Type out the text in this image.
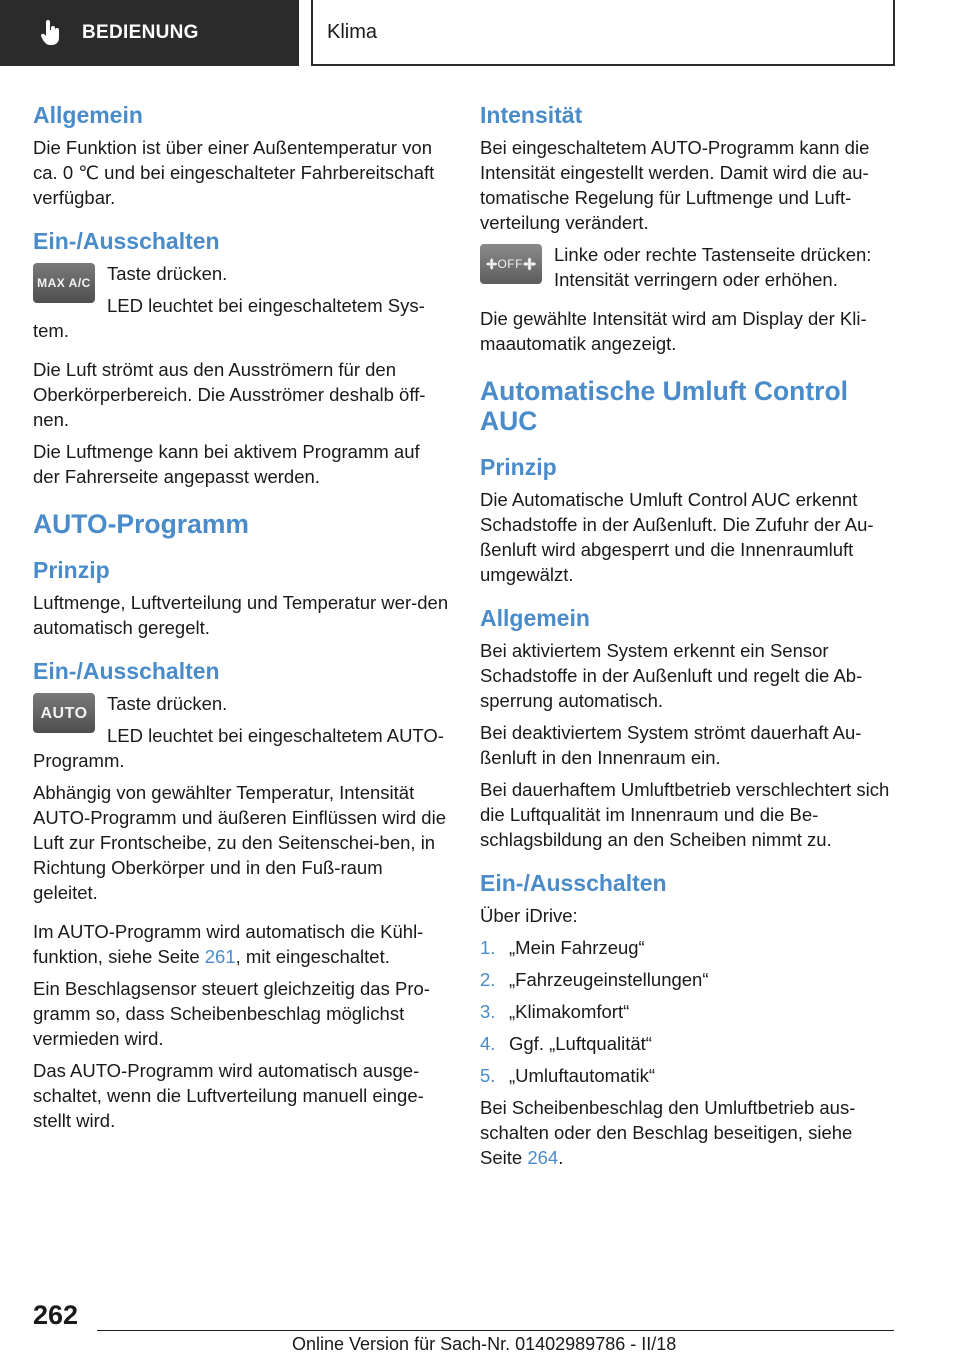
BEDIENUNG	Klima
Allgemein

Die Funktion ist über einer Außentemperatur von ca. 0 ℃ und bei eingeschalteter Fahrbereitschaft verfügbar.

Ein-/Ausschalten
MAX A/C Taste drücken.

LED leuchtet bei eingeschaltetem Sys-tem.

Die Luft strömt aus den Ausströmern für den Oberkörperbereich. Die Ausströmer deshalb öff-nen.

Die Luftmenge kann bei aktivem Programm auf der Fahrerseite angepasst werden.

AUTO-Programm
Prinzip

Luftmenge, Luftverteilung und Temperatur wer-den automatisch geregelt.

Ein-/Ausschalten
AUTO	Taste drücken.

LED leuchtet bei eingeschaltetem AUTO-Programm.

Abhängig von gewählter Temperatur, Intensität AUTO-Programm und äußeren Einflüssen wird die Luft zur Frontscheibe, zu den Seitenschei-ben, in Richtung Oberkörper und in den Fuß-raum geleitet.

Im AUTO-Programm wird automatisch die Kühl-funktion, siehe Seite 261, mit eingeschaltet.

Ein Beschlagsensor steuert gleichzeitig das Pro-gramm so, dass Scheibenbeschlag möglichst vermieden wird.

Das AUTO-Programm wird automatisch ausge-schaltet, wenn die Luftverteilung manuell einge-stellt wird.

Intensität

Bei eingeschaltetem AUTO-Programm kann die Intensität eingestellt werden. Damit wird die au-tomatische Regelung für Luftmenge und Luft-verteilung verändert.

OFF	Linke oder rechte Tastenseite drücken: Intensität verringern oder erhöhen.

Die gewählte Intensität wird am Display der Kli-maautomatik angezeigt.

Automatische Umluft Control AUC
Prinzip

Die Automatische Umluft Control AUC erkennt Schadstoffe in der Außenluft. Die Zufuhr der Au-ßenluft wird abgesperrt und die Innenraumluft umgewälzt.

Allgemein

Bei aktiviertem System erkennt ein Sensor Schadstoffe in der Außenluft und regelt die Ab-sperrung automatisch.

Bei deaktiviertem System strömt dauerhaft Au-ßenluft in den Innenraum ein.

Bei dauerhaftem Umluftbetrieb verschlechtert sich die Luftqualität im Innenraum und die Be-schlagsbildung an den Scheiben nimmt zu.

Ein-/Ausschalten

Über iDrive:

1. „Mein Fahrzeug“
2. „Fahrzeugeinstellungen“
3. „Klimakomfort“
4. Ggf. „Luftqualität“
5. „Umluftautomatik“

Bei Scheibenbeschlag den Umluftbetrieb aus-schalten oder den Beschlag beseitigen, siehe Seite 264.

262
Online Version für Sach-Nr. 01402989786 - II/18
